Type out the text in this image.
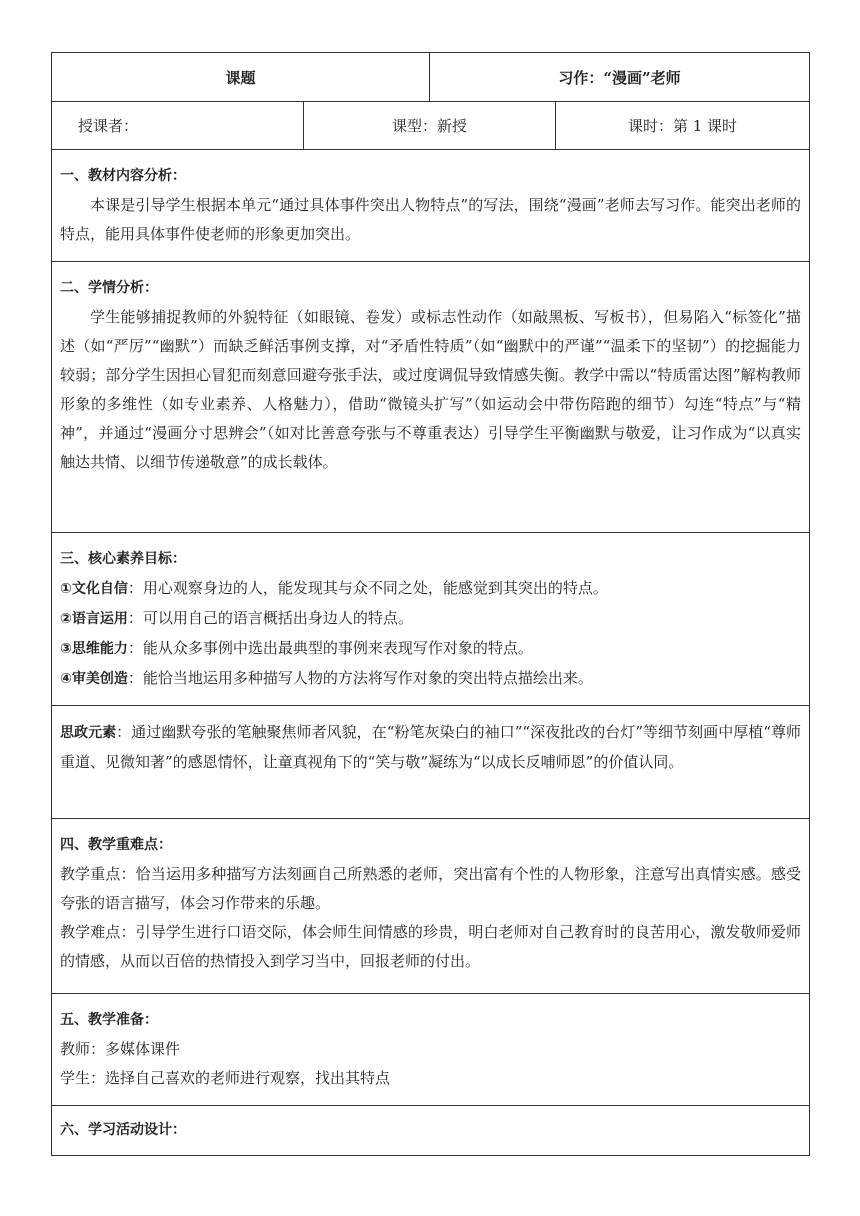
课题		习作：“漫画”老师	
授课者：	课型：新授		课时：第 1 课时

一、教材内容分析：

本课是引导学生根据本单元“通过具体事件突出人物特点”的写法，围绕“漫画”老师去写习作。能突出老师的特点，能用具体事件使老师的形象更加突出。			

二、学情分析：

学生能够捕捉教师的外貌特征（如眼镜、卷发）或标志性动作（如敲黑板、写板书），但易陷入“标签化”描述（如“严厉”“幽默”）而缺乏鲜活事例支撑，对“矛盾性特质”（如“幽默中的严谨”“温柔下的坚韧”）的挖掘能力较弱；部分学生因担心冒犯而刻意回避夸张手法，或过度调侃导致情感失衡。教学中需以“特质雷达图”解构教师形象的多维性（如专业素养、人格魅力），借助“微镜头扩写”（如运动会中带伤陪跑的细节）勾连“特点”与“精神”，并通过“漫画分寸思辨会”（如对比善意夸张与不尊重表达）引导学生平衡幽默与敬爱，让习作成为“以真实触达共情、以细节传递敬意”的成长载体。			

三、核心素养目标：

①文化自信：用心观察身边的人，能发现其与众不同之处，能感觉到其突出的特点。

②语言运用：可以用自己的语言概括出身边人的特点。

③思维能力：能从众多事例中选出最典型的事例来表现写作对象的特点。

④审美创造：能恰当地运用多种描写人物的方法将写作对象的突出特点描绘出来。			

思政元素：通过幽默夸张的笔触聚焦师者风貌，在“粉笔灰染白的袖口”“深夜批改的台灯”等细节刻画中厚植“尊师重道、见微知著”的感恩情怀，让童真视角下的“笑与敬”凝练为“以成长反哺师恩”的价值认同。			

四、教学重难点：

教学重点：恰当运用多种描写方法刻画自己所熟悉的老师，突出富有个性的人物形象，注意写出真情实感。感受夸张的语言描写，体会习作带来的乐趣。

教学难点：引导学生进行口语交际，体会师生间情感的珍贵，明白老师对自己教育时的良苦用心，激发敬师爱师的情感，从而以百倍的热情投入到学习当中，回报老师的付出。			

五、教学准备：

教师：多媒体课件

学生：选择自己喜欢的老师进行观察，找出其特点			

六、学习活动设计：			
